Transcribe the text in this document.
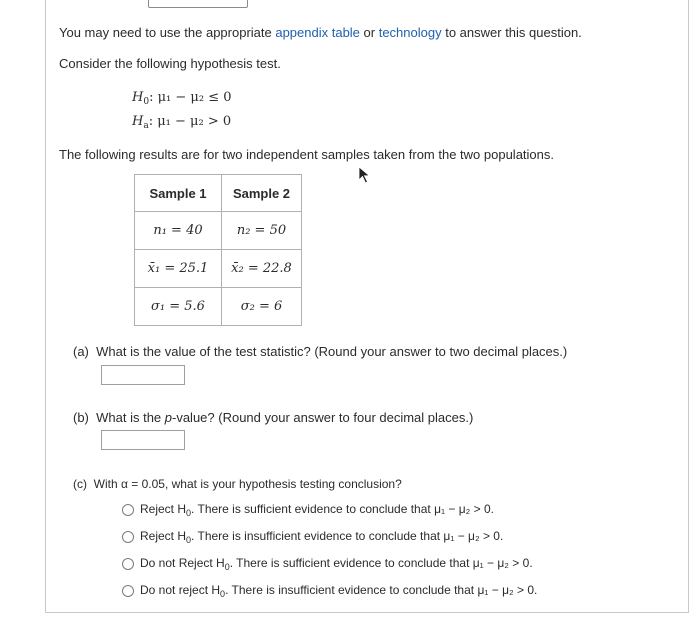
You may need to use the appropriate appendix table or technology to answer this question.
Consider the following hypothesis test.
$H_0$: μ₁ − μ₂ ≤ 0
$H_a$: μ₁ − μ₂ > 0
The following results are for two independent samples taken from the two populations.
Sample 1	Sample 2
n₁ = 40	n₂ = 50
x̄₁ = 25.1	x̄₂ = 22.8
σ₁ = 5.6	σ₂ = 6
(a) What is the value of the test statistic? (Round your answer to two decimal places.)
(b) What is the p-value? (Round your answer to four decimal places.)
(c) With α = 0.05, what is your hypothesis testing conclusion?
Reject $H_0$. There is sufficient evidence to conclude that μ₁ − μ₂ > 0.
Reject $H_0$. There is insufficient evidence to conclude that μ₁ − μ₂ > 0.
Do not Reject $H_0$. There is sufficient evidence to conclude that μ₁ − μ₂ > 0.
Do not reject $H_0$. There is insufficient evidence to conclude that μ₁ − μ₂ > 0.
